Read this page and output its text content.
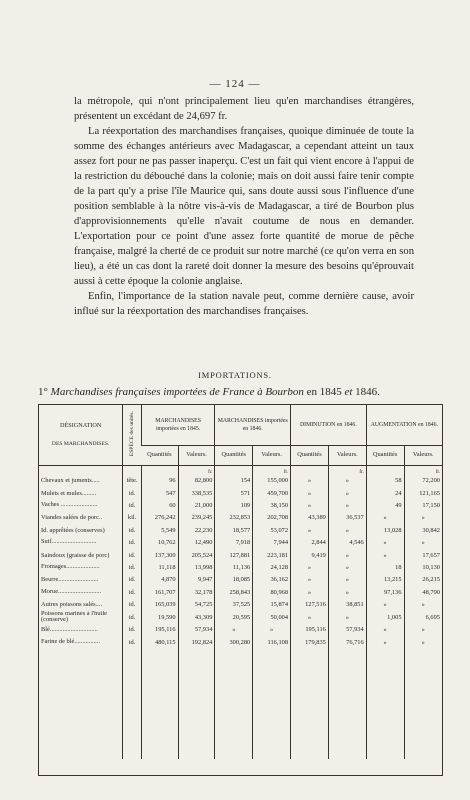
— 124 —

la métropole, qui n'ont principalement lieu qu'en marchandises étrangères, présentent un excédant de 24,697 fr.

La réexportation des marchandises françaises, quoique diminuée de toute la somme des échanges antérieurs avec Madagascar, a cependant atteint un taux assez fort pour ne pas passer inaperçu. C'est un fait qui vient encore à l'appui de la restriction du débouché dans la colonie; mais on doit aussi faire tenir compte de la part qu'y a prise l'île Maurice qui, sans doute aussi sous l'influence d'une position semblable à la nôtre vis-à-vis de Madagascar, a tiré de Bourbon plus d'approvisionnements qu'elle n'avait coutume de nous en demander. L'exportation pour ce point d'une assez forte quantité de morue de pêche française, malgré la cherté de ce produit sur notre marché (ce qu'on verra en son lieu), a été un cas dont la rareté doit donner la mesure des besoins qu'éprouvait aussi à cette époque la colonie anglaise.

Enfin, l'importance de la station navale peut, comme dernière cause, avoir influé sur la réexportation des marchandises françaises.

IMPORTATIONS.
1° Marchandises françaises importées de France à Bourbon en 1845 et 1846.
DÉSIGNATION
DES MARCHANDISES.	ESPÈCE des unités.	MARCHANDISES importées en 1845.		MARCHANDISES importées en 1846.		DIMINUTION en 1846.		AUGMENTATION en 1846.	
		Quantités	Valeurs.	Quantités	Valeurs.	Quantités	Valeurs.	Quantités	Valeurs.
			fr.		fr.		fr.		fr.
Chevaux et juments.....	tête.	96	82,800	154	155,000	»	»	58	72,200
Mulets et mules.........	id.	547	338,535	571	459,700	»	»	24	121,165
Vaches .......................	id.	60	21,000	109	38,150	»	»	49	17,150
Viandes salées de porc..	kil.	276,242	239,245	232,853	202,708	43,389	36,537	»	»
Id. apprêtées (conserves)	id.	5,549	22,230	18,577	53,072	»	»	13,028	30,842
Suif............................	id.	10,762	12,490	7,918	7,944	2,844	4,546	»	»
Saindoux (graisse de porc)	id.	137,300	205,524	127,881	223,181	9,419	»	»	17,657
Fromages.....................	id.	11,118	13,998	11,136	24,128	»	»	18	10,130
Beurre.........................	id.	4,870	9,947	18,085	36,162	»	»	13,215	26,215
Morue...........................	id.	161,707	32,178	258,843	80,968	»	»	97,136	48,790
Autres poissons salés....	id.	165,039	54,725	37,525	15,874	127,516	38,851	»	»
Poissons marinés à l'huile (conserve)	id.	19,590	43,309	20,595	50,004	»	»	1,005	6,695
Blé..............................	id.	195,116	57,934	»	»	195,116	57,934	»	»
Farine de blé................	id.	480,115	192,824	300,280	116,108	179,835	76,716	»	»
